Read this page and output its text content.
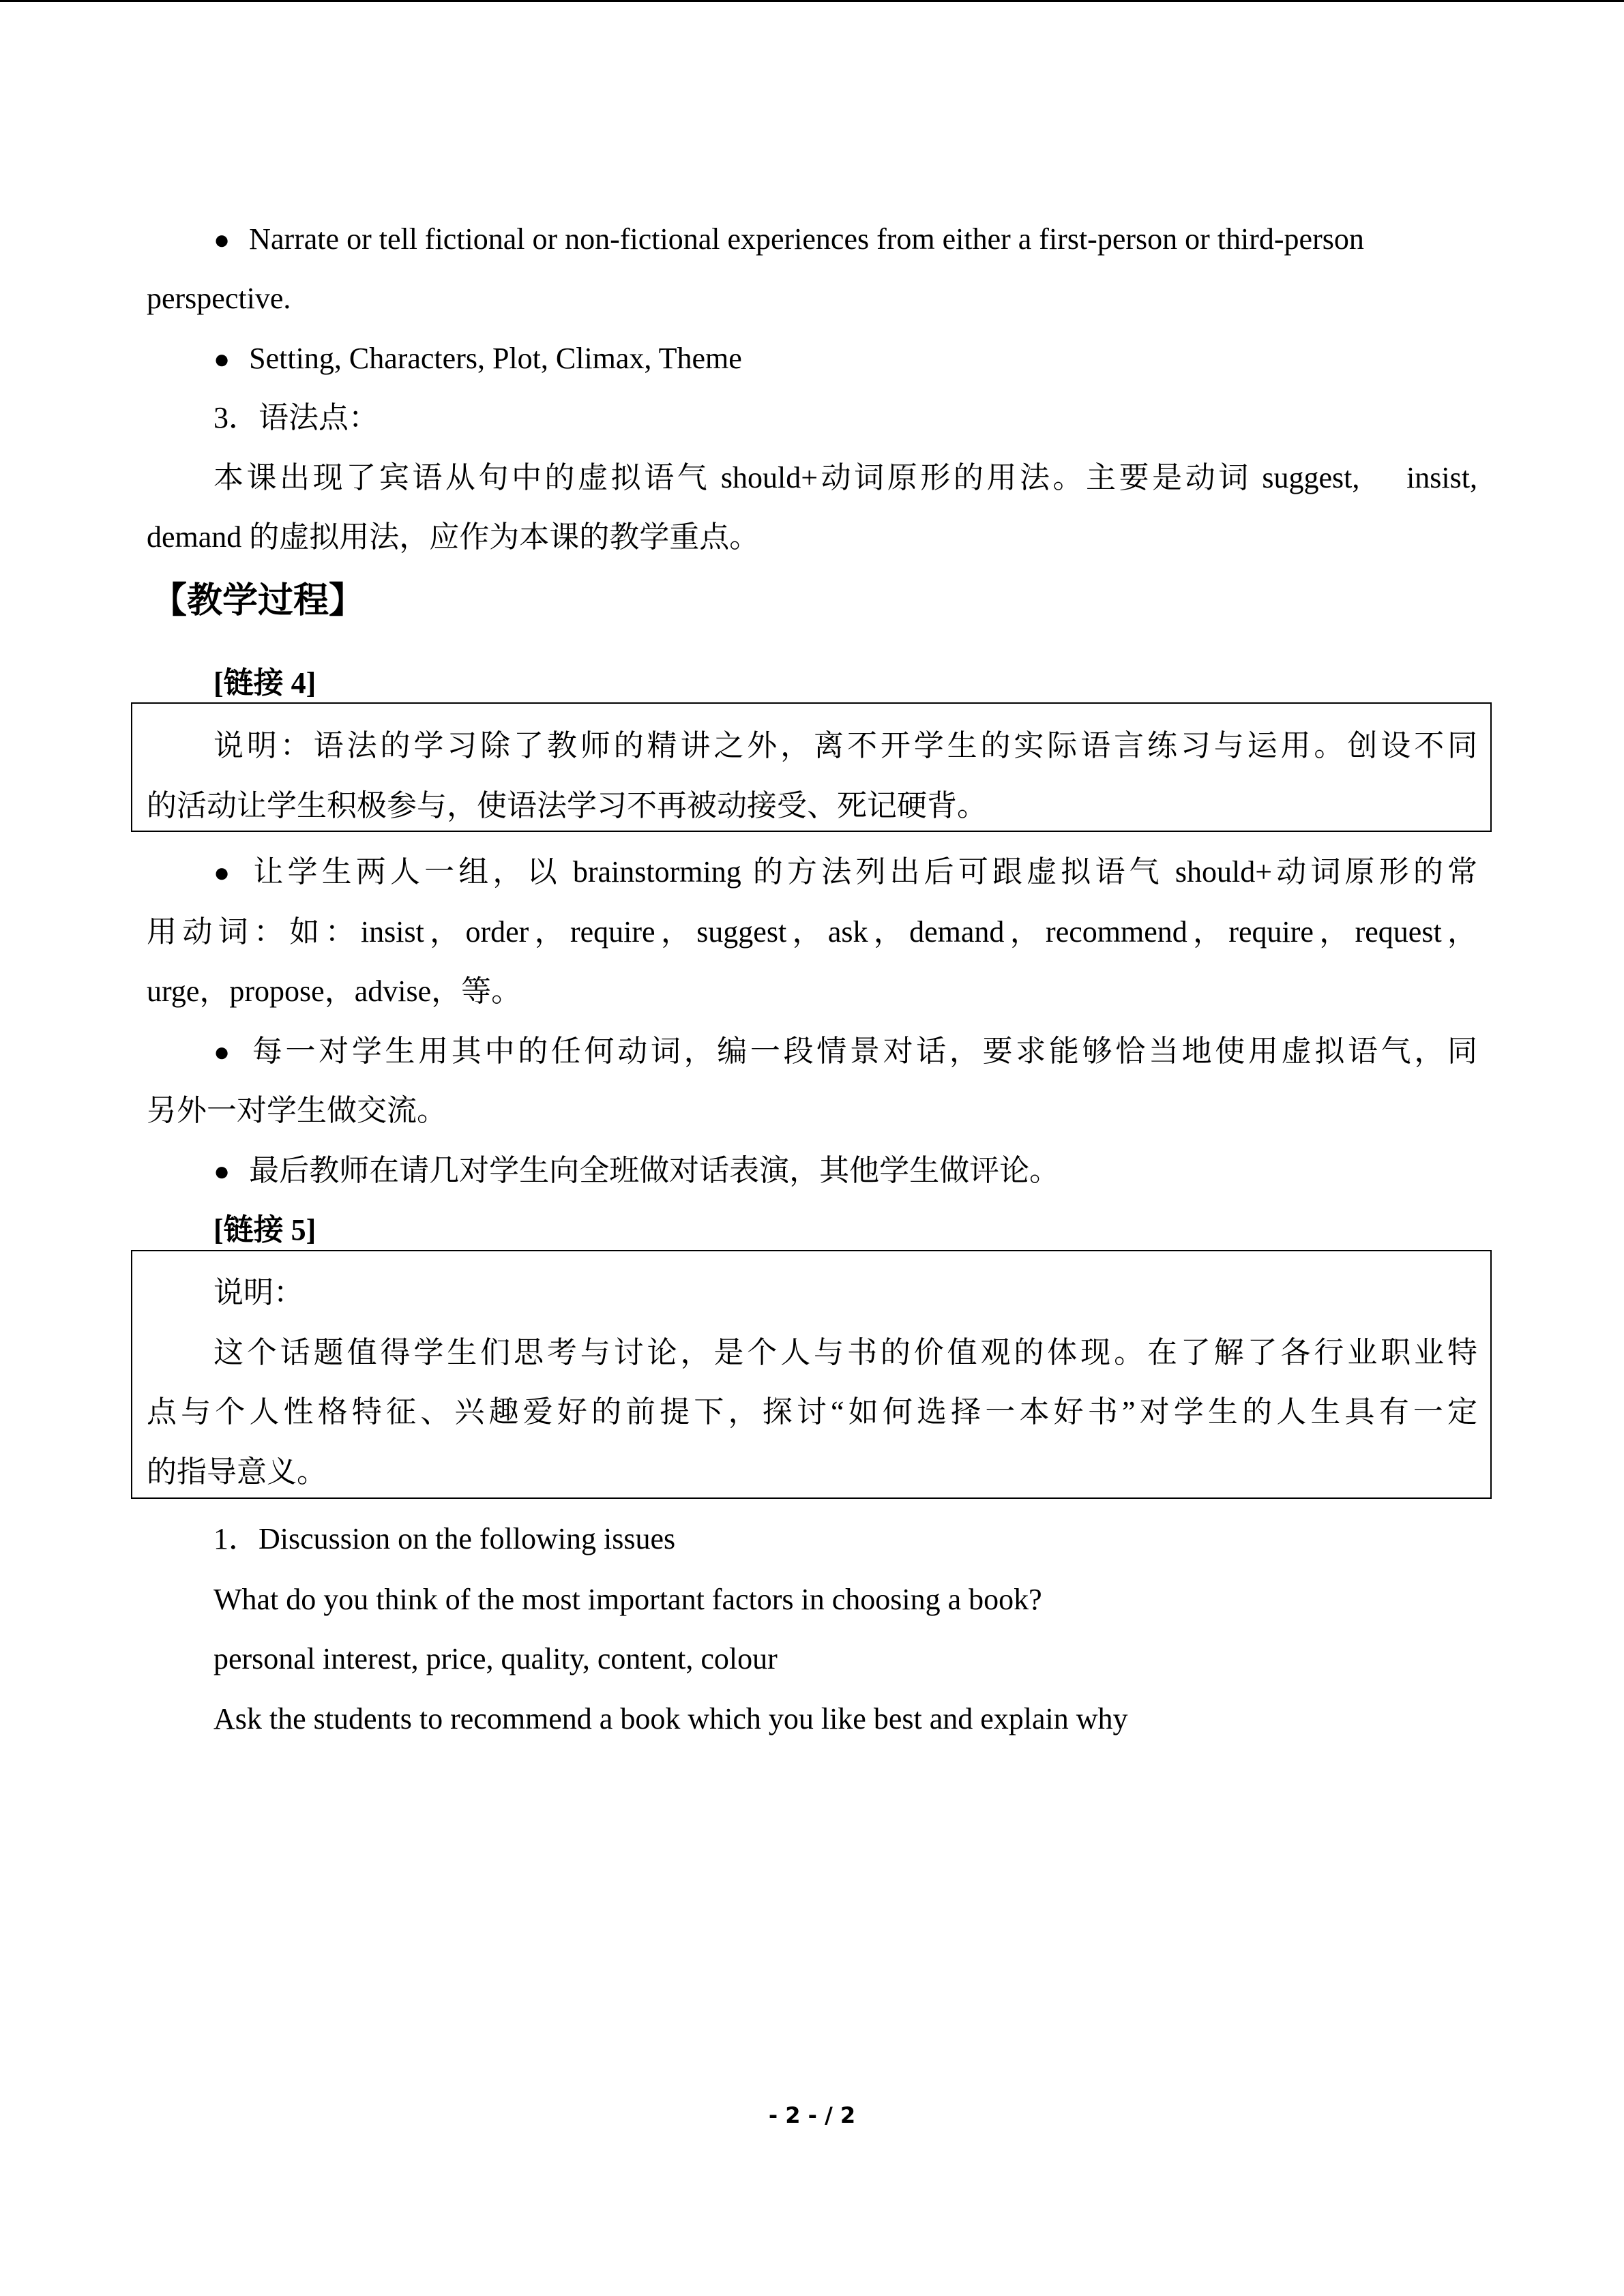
● Narrate or tell fictional or non-fictional experiences from either a first-person or third-person
perspective.
● Setting, Characters, Plot, Climax, Theme
3．语法点：
本课出现了宾语从句中的虚拟语气 should+动词原形的用法。主要是动词 suggest,　 insist,
demand 的虚拟用法，应作为本课的教学重点。
【教学过程】
[链接 4]
说明：语法的学习除了教师的精讲之外，离不开学生的实际语言练习与运用。创设不同
的活动让学生积极参与，使语法学习不再被动接受、死记硬背。
● 让学生两人一组，以 brainstorming 的方法列出后可跟虚拟语气 should+动词原形的常
用动词：如：insist，order，require，suggest，ask，demand，recommend，require，request，
urge，propose，advise，等。
● 每一对学生用其中的任何动词，编一段情景对话，要求能够恰当地使用虚拟语气，同
另外一对学生做交流。
● 最后教师在请几对学生向全班做对话表演，其他学生做评论。
[链接 5]
说明：
这个话题值得学生们思考与讨论，是个人与书的价值观的体现。在了解了各行业职业特
点与个人性格特征、兴趣爱好的前提下，探讨“如何选择一本好书”对学生的人生具有一定
的指导意义。
1．Discussion on the following issues
What do you think of the most important factors in choosing a book?
personal interest, price, quality, content, colour
Ask the students to recommend a book which you like best and explain why
- 2 - / 2
